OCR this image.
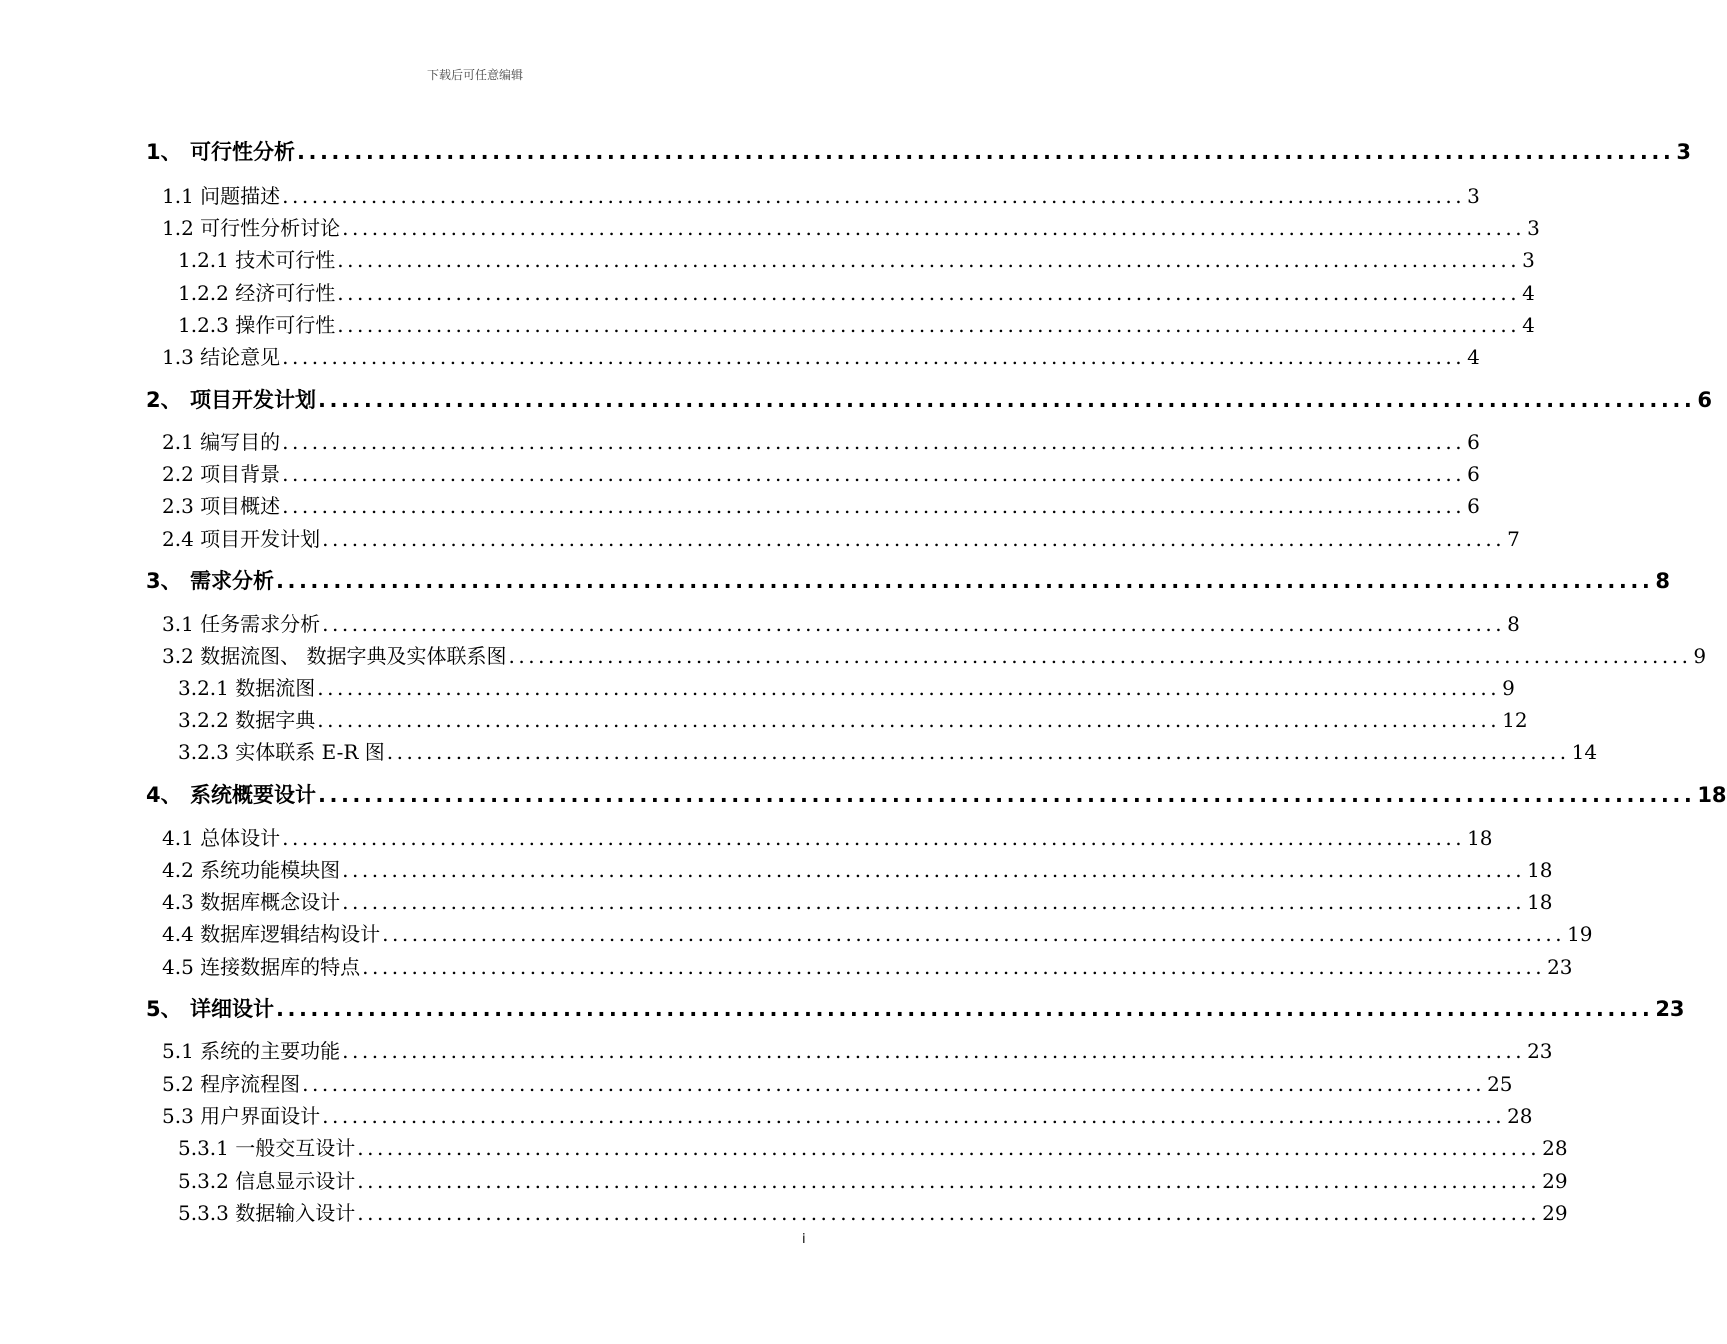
下载后可任意编辑
1、 可行性分析 ........................................................................................................................ 3
1.1 问题描述 ........................................................................................................................ 3
1.2 可行性分析讨论 ........................................................................................................................ 3
1.2.1 技术可行性 ........................................................................................................................ 3
1.2.2 经济可行性 ........................................................................................................................ 4
1.2.3 操作可行性 ........................................................................................................................ 4
1.3 结论意见 ........................................................................................................................ 4
2、 项目开发计划 ........................................................................................................................ 6
2.1 编写目的 ........................................................................................................................ 6
2.2 项目背景 ........................................................................................................................ 6
2.3 项目概述 ........................................................................................................................ 6
2.4 项目开发计划 ........................................................................................................................ 7
3、 需求分析 ........................................................................................................................ 8
3.1 任务需求分析 ........................................................................................................................ 8
3.2 数据流图、 数据字典及实体联系图 ........................................................................................................................ 9
3.2.1 数据流图 ........................................................................................................................ 9
3.2.2 数据字典 ........................................................................................................................ 12
3.2.3 实体联系 E-R 图 ........................................................................................................................ 14
4、 系统概要设计 ........................................................................................................................ 18
4.1 总体设计 ........................................................................................................................ 18
4.2 系统功能模块图 ........................................................................................................................ 18
4.3 数据库概念设计 ........................................................................................................................ 18
4.4 数据库逻辑结构设计 ........................................................................................................................ 19
4.5 连接数据库的特点 ........................................................................................................................ 23
5、 详细设计 ........................................................................................................................ 23
5.1 系统的主要功能 ........................................................................................................................ 23
5.2 程序流程图 ........................................................................................................................ 25
5.3 用户界面设计 ........................................................................................................................ 28
5.3.1 一般交互设计 ........................................................................................................................ 28
5.3.2 信息显示设计 ........................................................................................................................ 29
5.3.3 数据输入设计 ........................................................................................................................ 29
i
